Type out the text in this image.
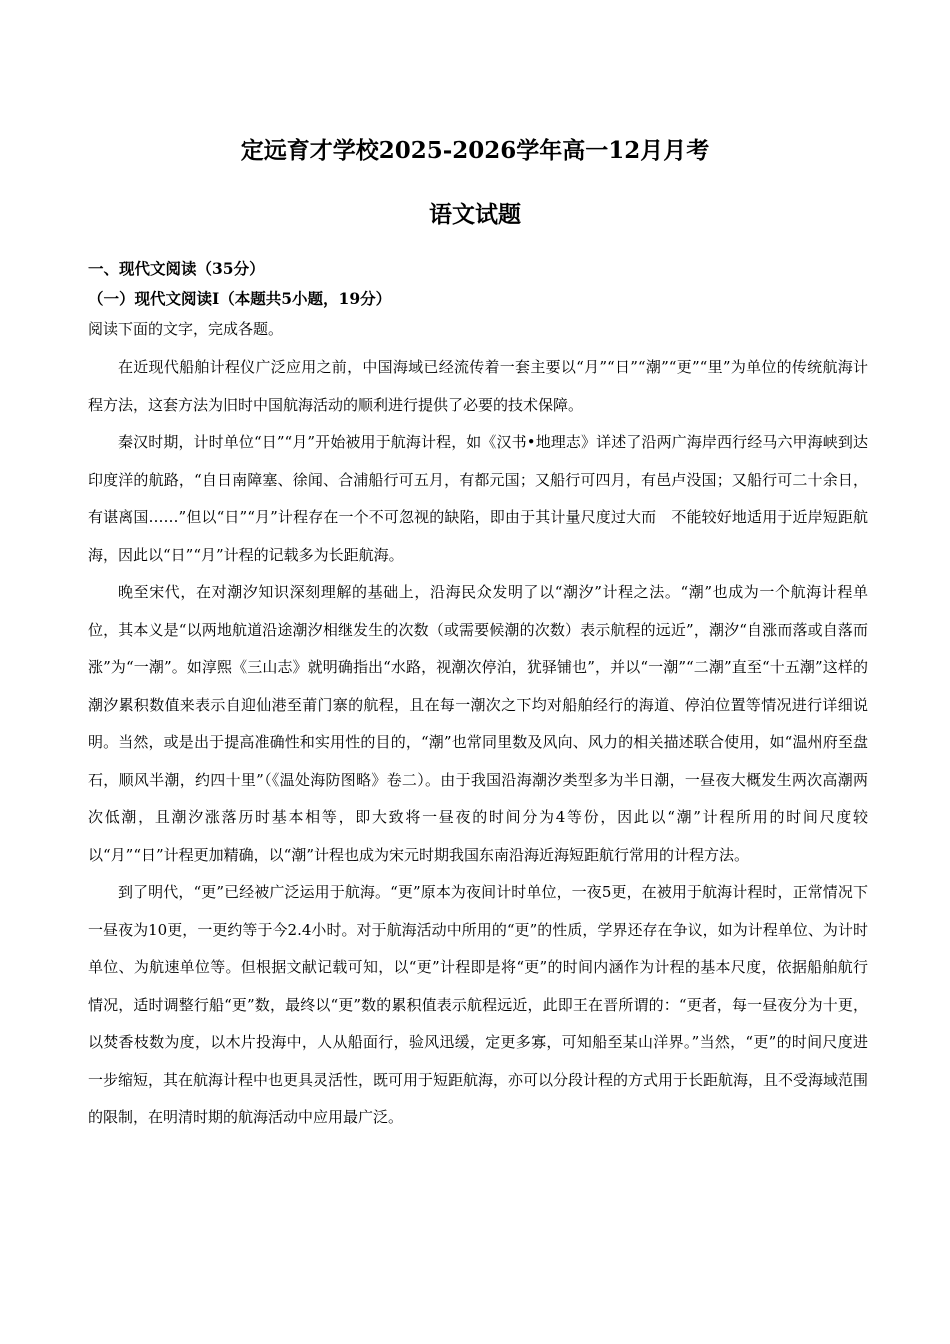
定远育才学校2025-2026学年高一12月月考
语文试题
一、现代文阅读（35分）
（一）现代文阅读Ⅰ（本题共5小题，19分）
阅读下面的文字，完成各题。

在近现代船舶计程仪广泛应用之前，中国海域已经流传着一套主要以“月”“日”“潮”“更”“里”为单位的传统航海计程方法，这套方法为旧时中国航海活动的顺利进行提供了必要的技术保障。

秦汉时期，计时单位“日”“月”开始被用于航海计程，如《汉书•地理志》详述了沿两广海岸西行经马六甲海峡到达印度洋的航路，“自日南障塞、徐闻、合浦船行可五月，有都元国；又船行可四月，有邑卢没国；又船行可二十余日，有谌离国……”但以“日”“月”计程存在一个不可忽视的缺陷，即由于其计量尺度过大而　不能较好地适用于近岸短距航海，因此以“日”“月”计程的记载多为长距航海。

晚至宋代，在对潮汐知识深刻理解的基础上，沿海民众发明了以“潮汐”计程之法。“潮”也成为一个航海计程单位，其本义是“以两地航道沿途潮汐相继发生的次数（或需要候潮的次数）表示航程的远近”，潮汐“自涨而落或自落而涨”为“一潮”。如淳熙《三山志》就明确指出“水路，视潮次停泊，犹驿铺也”，并以“一潮”“二潮”直至“十五潮”这样的潮汐累积数值来表示自迎仙港至莆门寨的航程，且在每一潮次之下均对船舶经行的海道、停泊位置等情况进行详细说明。当然，或是出于提高准确性和实用性的目的，“潮”也常同里数及风向、风力的相关描述联合使用，如“温州府至盘石，顺风半潮，约四十里”（《温处海防图略》卷二）。由于我国沿海潮汐类型多为半日潮，一昼夜大概发生两次高潮两次低潮，且潮汐涨落历时基本相等，即大致将一昼夜的时间分为4等份，因此以“潮”计程所用的时间尺度较以“月”“日”计程更加精确，以“潮”计程也成为宋元时期我国东南沿海近海短距航行常用的计程方法。

到了明代，“更”已经被广泛运用于航海。“更”原本为夜间计时单位，一夜5更，在被用于航海计程时，正常情况下一昼夜为10更，一更约等于今2.4小时。对于航海活动中所用的“更”的性质，学界还存在争议，如为计程单位、为计时单位、为航速单位等。但根据文献记载可知，以“更”计程即是将“更”的时间内涵作为计程的基本尺度，依据船舶航行情况，适时调整行船“更”数，最终以“更”数的累积值表示航程远近，此即王在晋所谓的：“更者，每一昼夜分为十更，以焚香枝数为度，以木片投海中，人从船面行，验风迅缓，定更多寡，可知船至某山洋界。”当然，“更”的时间尺度进一步缩短，其在航海计程中也更具灵活性，既可用于短距航海，亦可以分段计程的方式用于长距航海，且不受海域范围的限制，在明清时期的航海活动中应用最广泛。
